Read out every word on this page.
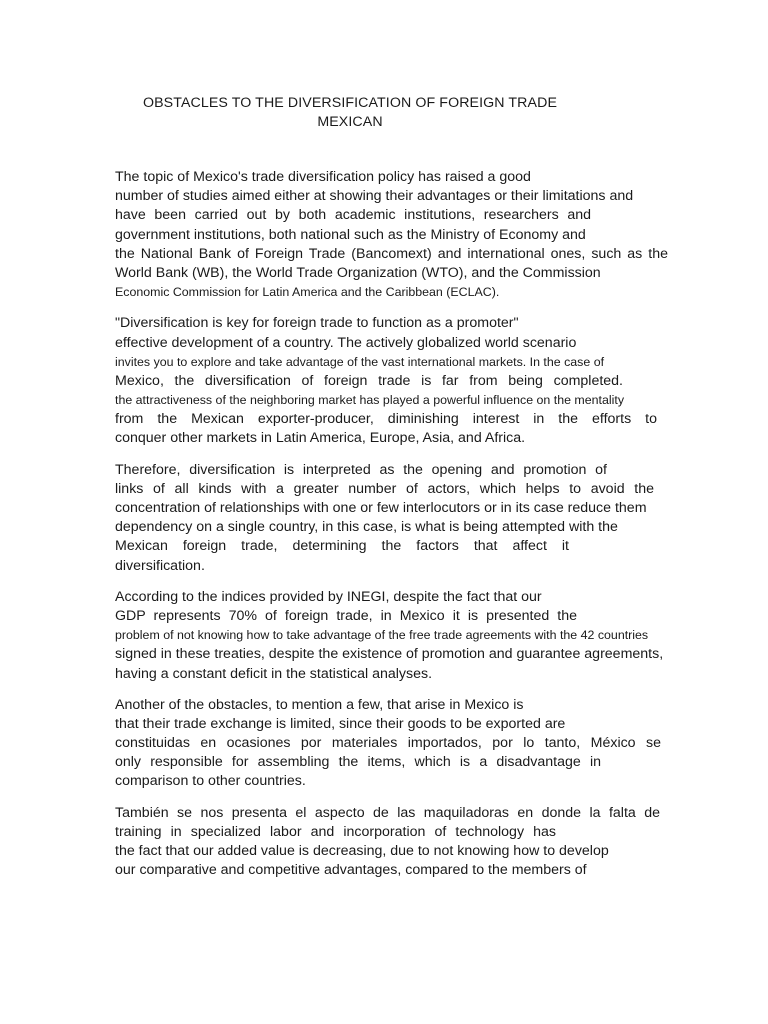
OBSTACLES TO THE DIVERSIFICATION OF FOREIGN TRADE
MEXICAN
The topic of Mexico's trade diversification policy has raised a good
number of studies aimed either at showing their advantages or their limitations and
have been carried out by both academic institutions, researchers and
government institutions, both national such as the Ministry of Economy and
the National Bank of Foreign Trade (Bancomext) and international ones, such as the
World Bank (WB), the World Trade Organization (WTO), and the Commission
Economic Commission for Latin America and the Caribbean (ECLAC).
"Diversification is key for foreign trade to function as a promoter"
effective development of a country. The actively globalized world scenario
invites you to explore and take advantage of the vast international markets. In the case of
Mexico, the diversification of foreign trade is far from being completed.
the attractiveness of the neighboring market has played a powerful influence on the mentality
from the Mexican exporter-producer, diminishing interest in the efforts to
conquer other markets in Latin America, Europe, Asia, and Africa.
Therefore, diversification is interpreted as the opening and promotion of
links of all kinds with a greater number of actors, which helps to avoid the
concentration of relationships with one or few interlocutors or in its case reduce them
dependency on a single country, in this case, is what is being attempted with the
Mexican foreign trade, determining the factors that affect it
diversification.
According to the indices provided by INEGI, despite the fact that our
GDP represents 70% of foreign trade, in Mexico it is presented the
problem of not knowing how to take advantage of the free trade agreements with the 42 countries
signed in these treaties, despite the existence of promotion and guarantee agreements,
having a constant deficit in the statistical analyses.
Another of the obstacles, to mention a few, that arise in Mexico is
that their trade exchange is limited, since their goods to be exported are
constituidas en ocasiones por materiales importados, por lo tanto, México se
only responsible for assembling the items, which is a disadvantage in
comparison to other countries.
También se nos presenta el aspecto de las maquiladoras en donde la falta de
training in specialized labor and incorporation of technology has
the fact that our added value is decreasing, due to not knowing how to develop
our comparative and competitive advantages, compared to the members of
